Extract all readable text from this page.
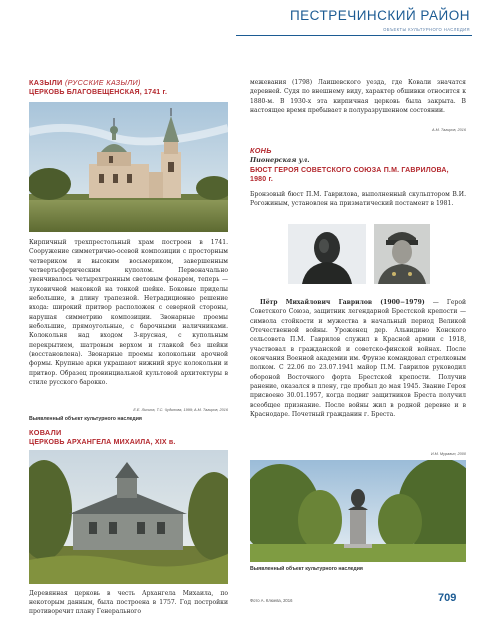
ПЕСТРЕЧИНСКИЙ РАЙОН
ОБЪЕКТЫ КУЛЬТУРНОГО НАСЛЕДИЯ
КАЗЫЛИ (РУССКИЕ КАЗЫЛИ)
ЦЕРКОВЬ БЛАГОВЕЩЕНСКАЯ, 1741 г.
Кирпичный трехпрестольный храм построен в 1741. Сооружение симметрично-осевой композиции с просторным четвериком и высоким восьмериком, завершенным четвертьсферическим куполом. Первоначально увенчивалось четырехгранным световым фонарем, теперь — луковичной маковкой на тонкой шейке. Боковые приделы небольшие, в длину трапезной. Нетрадиционно решение входа: широкий притвор расположен с северной стороны, нарушая симметрию композиции. Звонарные проемы небольшие, прямоугольные, с барочными наличниками. Колокольня над входом 3-ярусная, с купольным перекрытием, шатровым верхом и главкой без шейки (восстановлена). Звонарные проемы колокольни арочной формы. Крупные арки украшают нижний ярус колокольни и притвор. Образец провинциальной культовой архитектуры в стиле русского барокко.
Е.Е. Лисина, Т.С. Чудинова, 1999; А.М. Тагиров, 2016
Выявленный объект культурного наследия
КОВАЛИ
ЦЕРКОВЬ АРХАНГЕЛА МИХАИЛА, XIX в.
Деревянная церковь в честь Архангела Михаила, по некоторым данным, была построена в 1757. Год постройки противоречит плану Генерального
межевания (1798) Лаишевского уезда, где Ковали значатся деревней. Судя по внешнему виду, характер обшивки относится к 1880-м. В 1930-х эта кирпичная церковь была закрыта. В настоящее время пребывает в полуразрушенном состоянии.
А.М. Тагиров, 2016
КОНЬ
Пионерская ул.
БЮСТ ГЕРОЯ СОВЕТСКОГО СОЮЗА П.М. ГАВРИЛОВА, 1980 г.
Бронзовый бюст П.М. Гаврилова, выполненный скульптором В.И. Рогожиным, установлен на призматический постамент в 1981.

Пётр Михайлович Гаврилов (1900−1979) — Герой Советского Союза, защитник легендарной Брестской крепости — символа стойкости и мужества в начальный период Великой Отечественной войны. Уроженец дер. Альвидино Конского сельсовета П.М. Гаврилов служил в Красной армии с 1918, участвовал в гражданской и советско-финской войнах. После окончания Военной академии им. Фрунзе командовал стрелковым полком. С 22.06 по 23.07.1941 майор П.М. Гаврилов руководил обороной Восточного форта Брестской крепости. Получив ранение, оказался в плену, где пробыл до мая 1945. Звание Героя присвоено 30.01.1957, когда подвиг защитников Бреста получил всеобщее признание. После войны жил в родной деревне и в Краснодаре. Почетный гражданин г. Бреста.

И.М. Муравин, 2000
Выявленный объект культурного наследия
Фото А. Клюева, 2016	709
